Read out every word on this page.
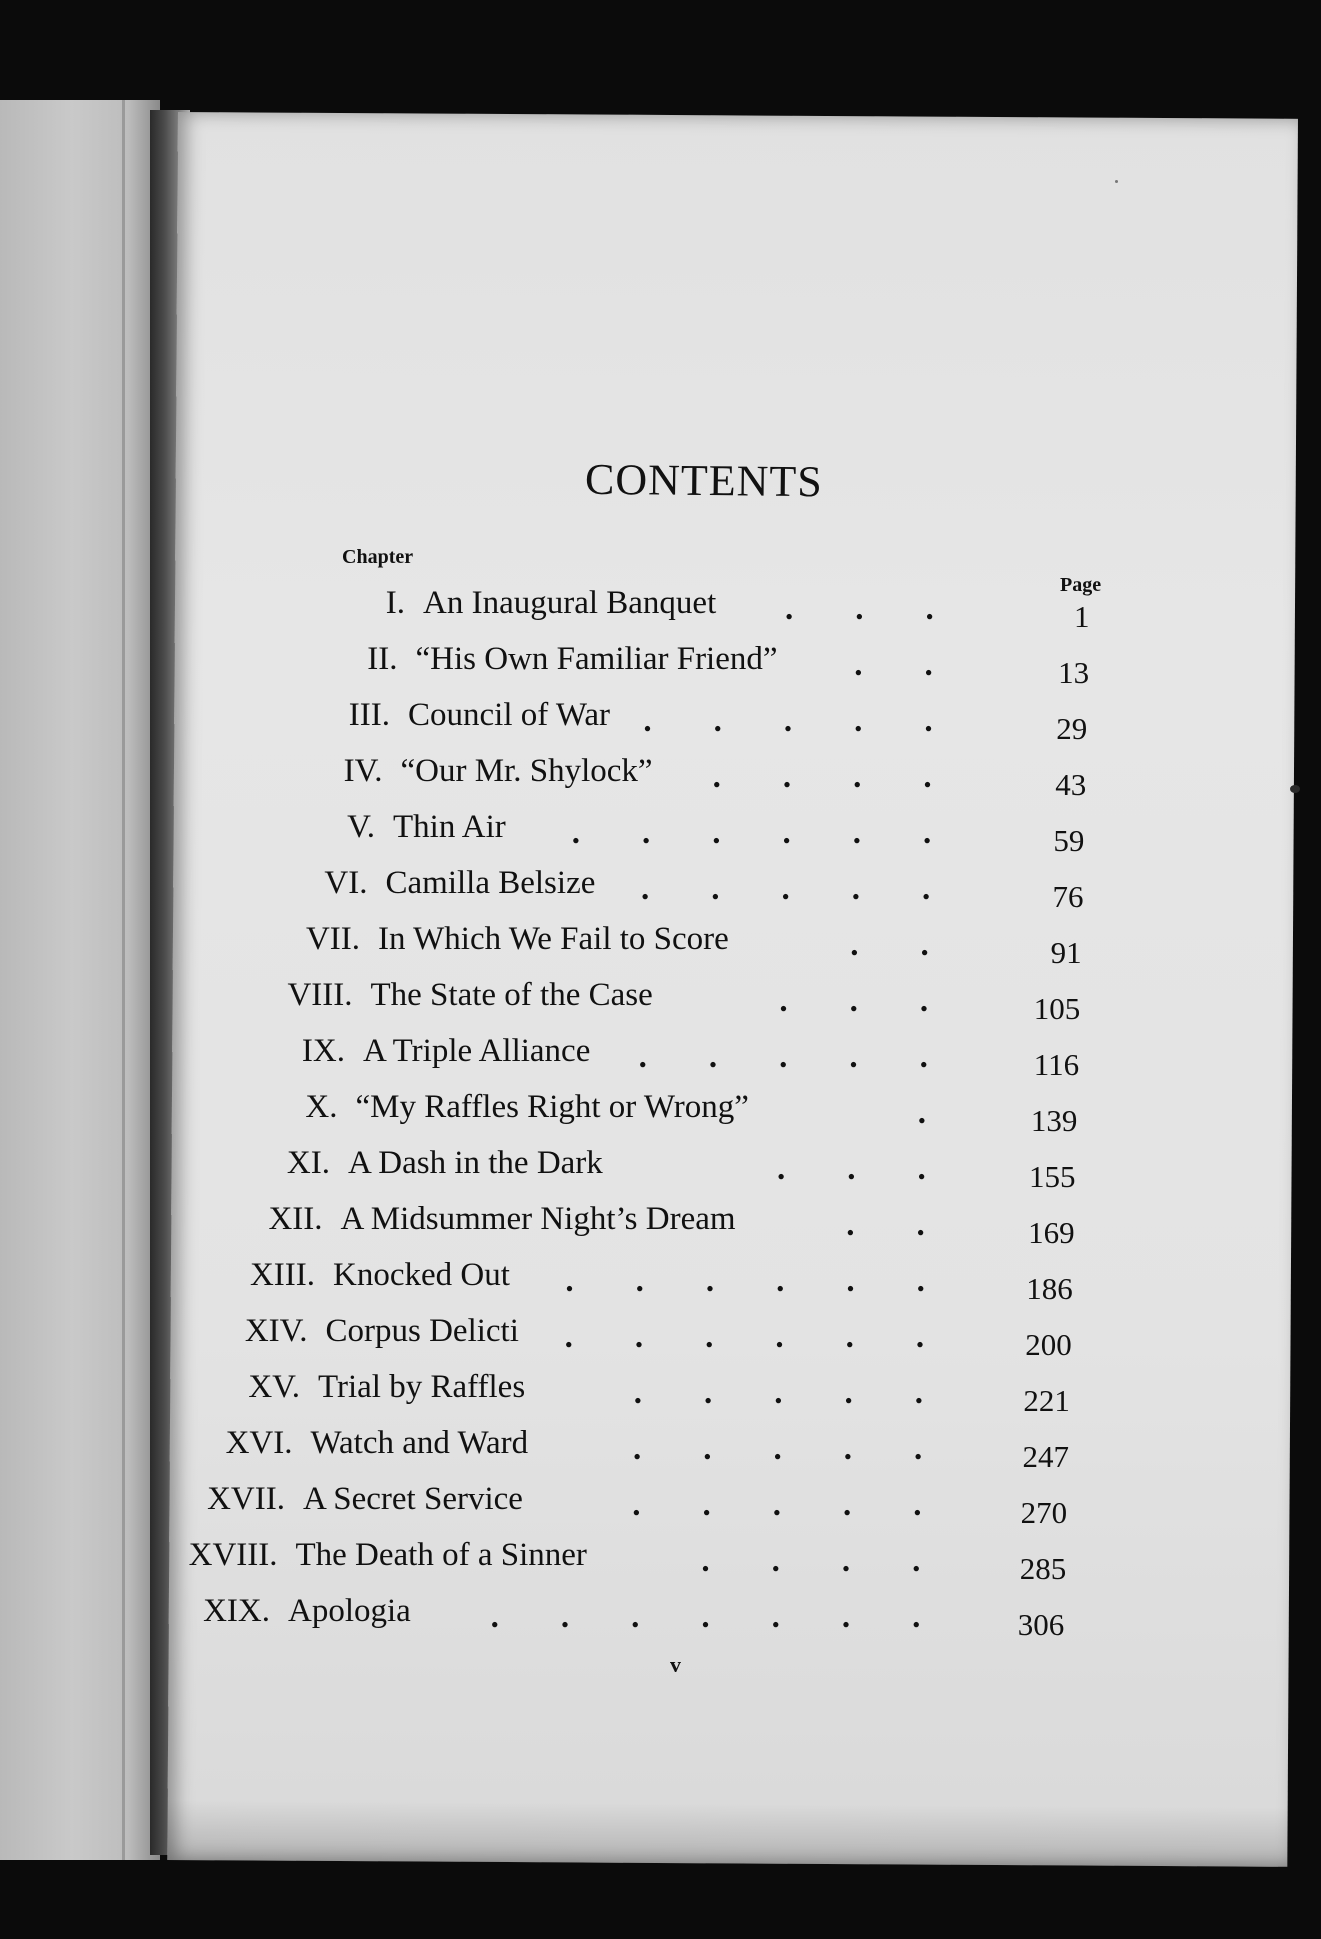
CONTENTS
Chapter
Page
I. An Inaugural Banquet ...	1
II. “His Own Familiar Friend” .. 13
III. Council of War ..... 29
IV. “Our Mr. Shylock” .... 43
V. Thin Air ...... 59
VI. Camilla Belsize ..... 76
VII. In Which We Fail to Score	.. 91
VIII. The State of the Case	... 105
IX. A Triple Alliance ..... 116
X. “My Raffles Right or Wrong”	. 139
XI. A Dash in the Dark	... 155
XII. A Midsummer Night’s Dream	.. 169
XIII. Knocked Out ...... 186
XIV. Corpus Delicti ...... 200
XV. Trial by Raffles	..... 221
XVI. Watch and Ward	..... 247
XVII. A Secret Service	..... 270
XVIII. The Death of a Sinner	.... 285
XIX. Apologia ....... 306
v
